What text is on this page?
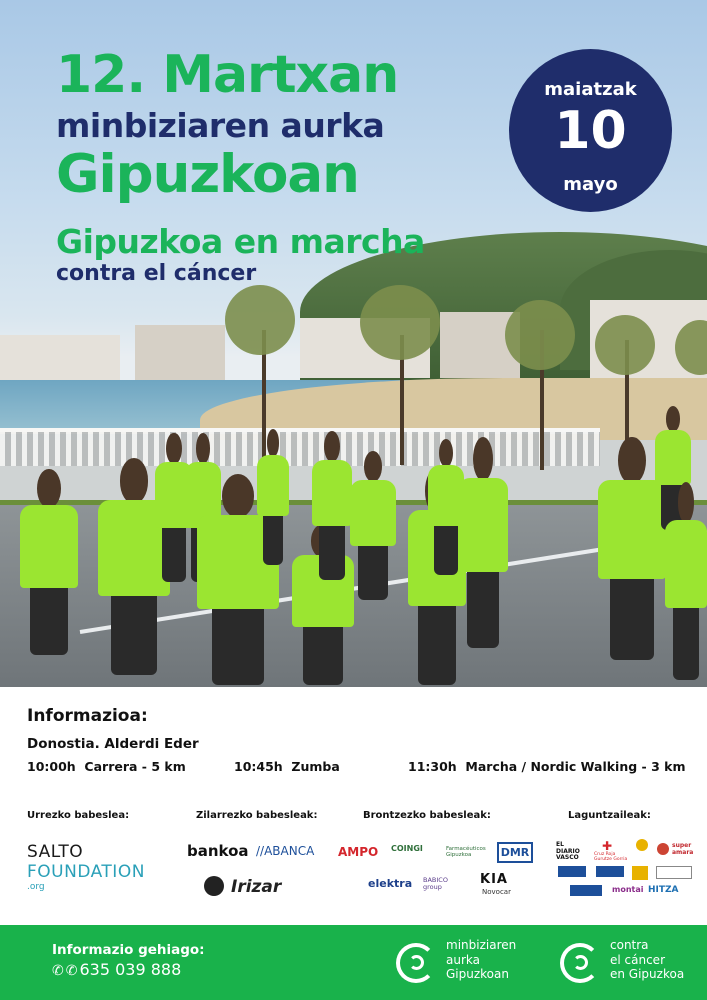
12. Martxan
minbiziaren aurka
Gipuzkoan
Gipuzkoa en marcha
contra el cáncer
maiatzak
10
mayo
Informazioa:
Donostia. Alderdi Eder
10:00h Carrera - 5 km	10:45h Zumba	11:30h Marcha / Nordic Walking - 3 km
Urrezko babeslea:	Zilarrezko babesleak:	Brontzezko babesleak:	Laguntzaileak:
SALTO
FOUNDATION
.org
bankoa //ABANCA
Irizar
AMPO COINGI	Farmacéuticos Gipuzkoa	DMR
elektra BABICO group	KIA
Novocar
EL DIARIO VASCO
✚
Cruz Roja Gurutze Gorria
super amara
montai HITZA
Informazio gehiago:
✆ ✆ 635 039 888
minbiziaren
aurka
Gipuzkoan
contra
el cáncer
en Gipuzkoa
